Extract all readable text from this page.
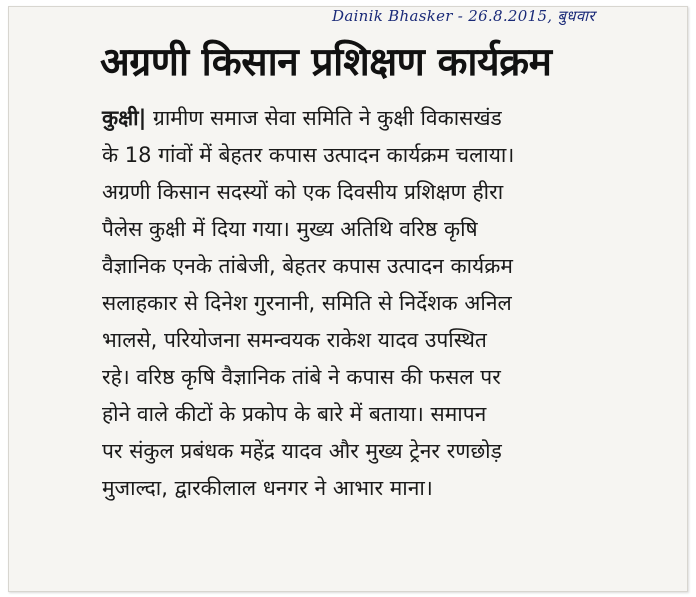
Dainik Bhasker - 26.8.2015, बुधवार
अग्रणी किसान प्रशिक्षण कार्यक्रम
कुक्षी| ग्रामीण समाज सेवा समिति ने कुक्षी विकासखंड
के 18 गांवों में बेहतर कपास उत्पादन कार्यक्रम चलाया।
अग्रणी किसान सदस्यों को एक दिवसीय प्रशिक्षण हीरा
पैलेस कुक्षी में दिया गया। मुख्य अतिथि वरिष्ठ कृषि
वैज्ञानिक एनके तांबेजी, बेहतर कपास उत्पादन कार्यक्रम
सलाहकार से दिनेश गुरनानी, समिति से निर्देशक अनिल
भालसे, परियोजना समन्वयक राकेश यादव उपस्थित
रहे। वरिष्ठ कृषि वैज्ञानिक तांबे ने कपास की फसल पर
होने वाले कीटों के प्रकोप के बारे में बताया। समापन
पर संकुल प्रबंधक महेंद्र यादव और मुख्य ट्रेनर रणछोड़
मुजाल्दा, द्वारकीलाल धनगर ने आभार माना।
